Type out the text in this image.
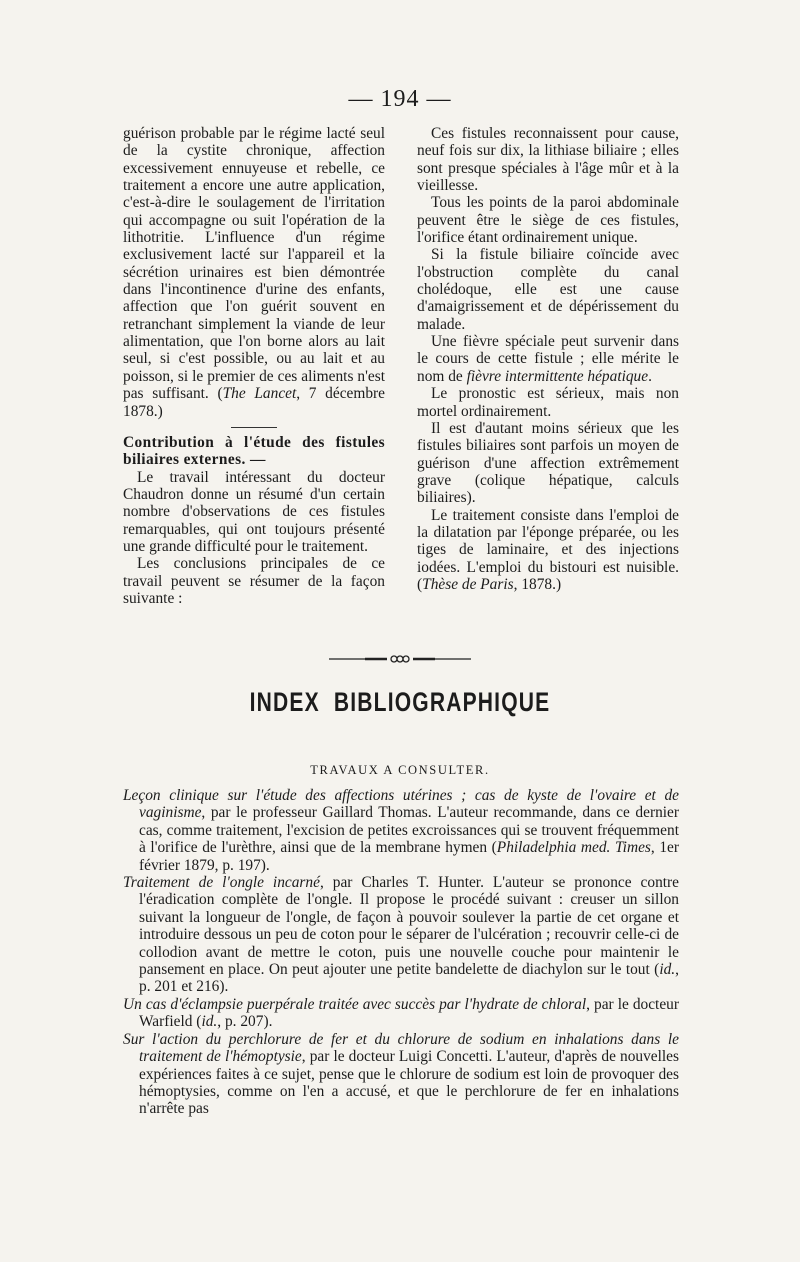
— 194 —

guérison probable par le régime lacté seul de la cystite chronique, affection excessivement ennuyeuse et rebelle, ce traitement a encore une autre application, c'est-à-dire le soulagement de l'irritation qui accompagne ou suit l'opération de la lithotritie. L'influence d'un régime exclusivement lacté sur l'appareil et la sécrétion urinaires est bien démontrée dans l'incontinence d'urine des enfants, affection que l'on guérit souvent en retranchant simplement la viande de leur alimentation, que l'on borne alors au lait seul, si c'est possible, ou au lait et au poisson, si le premier de ces aliments n'est pas suffisant. (The Lancet, 7 décembre 1878.)

Contribution à l'étude des fistules biliaires externes. —

Le travail intéressant du docteur Chaudron donne un résumé d'un certain nombre d'observations de ces fistules remarquables, qui ont toujours présenté une grande difficulté pour le traitement.

Les conclusions principales de ce travail peuvent se résumer de la façon suivante :

Ces fistules reconnaissent pour cause, neuf fois sur dix, la lithiase biliaire ; elles sont presque spéciales à l'âge mûr et à la vieillesse.

Tous les points de la paroi abdominale peuvent être le siège de ces fistules, l'orifice étant ordinairement unique.

Si la fistule biliaire coïncide avec l'obstruction complète du canal cholédoque, elle est une cause d'amaigrissement et de dépérissement du malade.

Une fièvre spéciale peut survenir dans le cours de cette fistule ; elle mérite le nom de fièvre intermittente hépatique.

Le pronostic est sérieux, mais non mortel ordinairement.

Il est d'autant moins sérieux que les fistules biliaires sont parfois un moyen de guérison d'une affection extrêmement grave (colique hépatique, calculs biliaires).

Le traitement consiste dans l'emploi de la dilatation par l'éponge préparée, ou les tiges de laminaire, et des injections iodées. L'emploi du bistouri est nuisible. (Thèse de Paris, 1878.)

INDEX BIBLIOGRAPHIQUE
TRAVAUX A CONSULTER.

Leçon clinique sur l'étude des affections utérines ; cas de kyste de l'ovaire et de vaginisme, par le professeur Gaillard Thomas. L'auteur recommande, dans ce dernier cas, comme traitement, l'excision de petites excroissances qui se trouvent fréquemment à l'orifice de l'urèthre, ainsi que de la membrane hymen (Philadelphia med. Times, 1er février 1879, p. 197).

Traitement de l'ongle incarné, par Charles T. Hunter. L'auteur se prononce contre l'éradication complète de l'ongle. Il propose le procédé suivant : creuser un sillon suivant la longueur de l'ongle, de façon à pouvoir soulever la partie de cet organe et introduire dessous un peu de coton pour le séparer de l'ulcération ; recouvrir celle-ci de collodion avant de mettre le coton, puis une nouvelle couche pour maintenir le pansement en place. On peut ajouter une petite bandelette de diachylon sur le tout (id., p. 201 et 216).

Un cas d'éclampsie puerpérale traitée avec succès par l'hydrate de chloral, par le docteur Warfield (id., p. 207).

Sur l'action du perchlorure de fer et du chlorure de sodium en inhalations dans le traitement de l'hémoptysie, par le docteur Luigi Concetti. L'auteur, d'après de nouvelles expériences faites à ce sujet, pense que le chlorure de sodium est loin de provoquer des hémoptysies, comme on l'en a accusé, et que le perchlorure de fer en inhalations n'arrête pas
